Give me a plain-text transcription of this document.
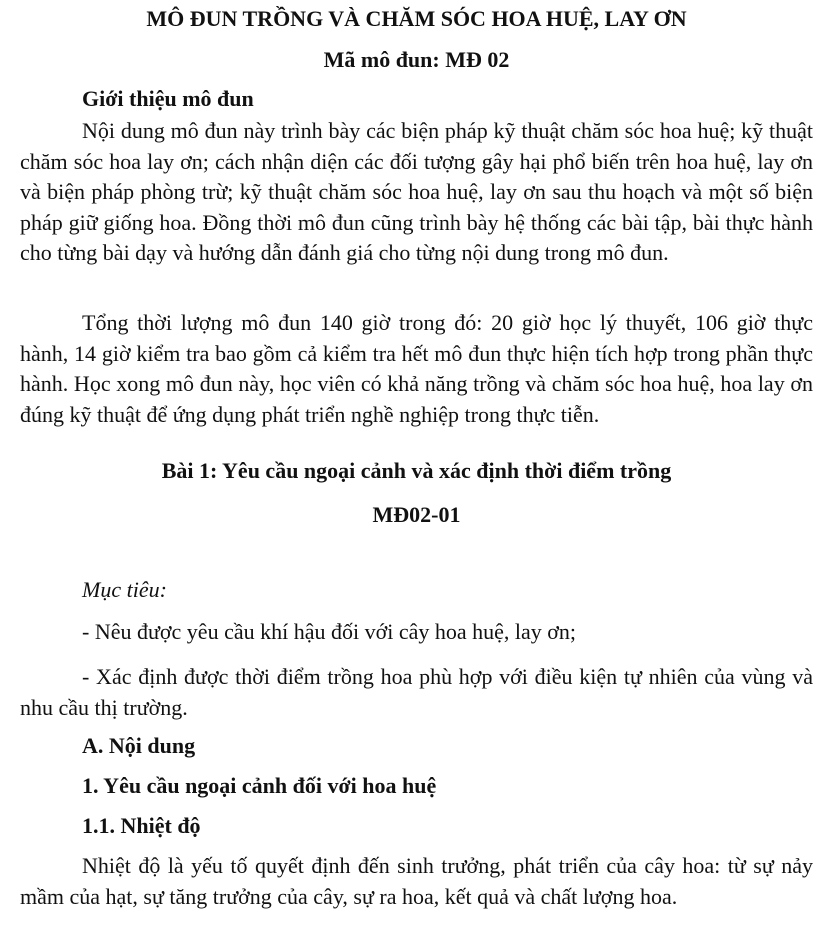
MÔ ĐUN TRỒNG VÀ CHĂM SÓC HOA HUỆ, LAY ƠN

Mã mô đun: MĐ 02

Giới thiệu mô đun

Nội dung mô đun này trình bày các biện pháp kỹ thuật chăm sóc hoa huệ; kỹ thuật chăm sóc hoa lay ơn; cách nhận diện các đối tượng gây hại phổ biến trên hoa huệ, lay ơn và biện pháp phòng trừ; kỹ thuật chăm sóc hoa huệ, lay ơn sau thu hoạch và một số biện pháp giữ giống hoa. Đồng thời mô đun cũng trình bày hệ thống các bài tập, bài thực hành cho từng bài dạy và hướng dẫn đánh giá cho từng nội dung trong mô đun.

Tổng thời lượng mô đun 140 giờ trong đó: 20 giờ học lý thuyết, 106 giờ thực hành, 14 giờ kiểm tra bao gồm cả kiểm tra hết mô đun thực hiện tích hợp trong phần thực hành. Học xong mô đun này, học viên có khả năng trồng và chăm sóc hoa huệ, hoa lay ơn đúng kỹ thuật để ứng dụng phát triển nghề nghiệp trong thực tiễn.

Bài 1: Yêu cầu ngoại cảnh và xác định thời điểm trồng

MĐ02-01

Mục tiêu:

- Nêu được yêu cầu khí hậu đối với cây hoa huệ, lay ơn;

- Xác định được thời điểm trồng hoa phù hợp với điều kiện tự nhiên của vùng và nhu cầu thị trường.

A. Nội dung

1. Yêu cầu ngoại cảnh đối với hoa huệ

1.1. Nhiệt độ

Nhiệt độ là yếu tố quyết định đến sinh trưởng, phát triển của cây hoa: từ sự nảy mầm của hạt, sự tăng trưởng của cây, sự ra hoa, kết quả và chất lượng hoa.
